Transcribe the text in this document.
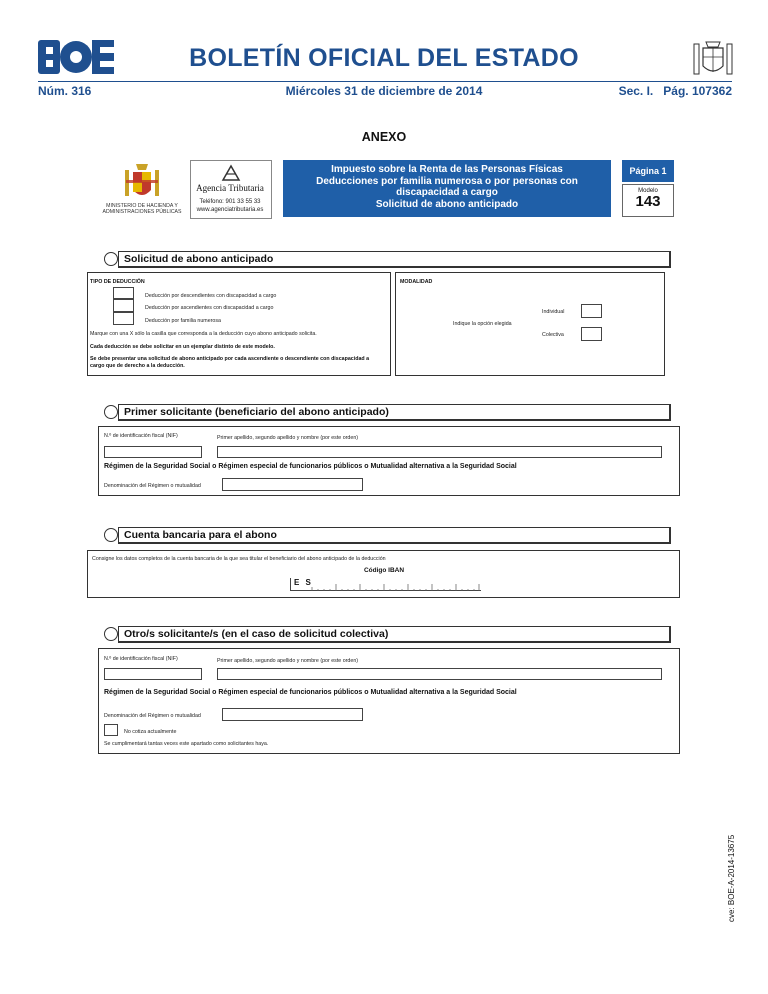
BOLETÍN OFICIAL DEL ESTADO
Núm. 316	Miércoles 31 de diciembre de 2014	Sec. I.   Pág. 107362
ANEXO
MINISTERIO DE HACIENDA Y ADMINISTRACIONES PÚBLICAS
Agencia Tributaria
Teléfono: 901 33 55 33
www.agenciatributaria.es
Impuesto sobre la Renta de las Personas Físicas
Deducciones por familia numerosa o por personas con
discapacidad a cargo
Solicitud de abono anticipado
Página 1
Modelo
143
Solicitud de abono anticipado
TIPO DE DEDUCCIÓN
Deducción por descendientes con discapacidad a cargo
Deducción por ascendientes con discapacidad a cargo
Deducción por familia numerosa
Marque con una X sólo la casilla que corresponda a la deducción cuyo abono anticipado solicita.
Cada deducción se debe solicitar en un ejemplar distinto de este modelo.
Se debe presentar una solicitud de abono anticipado por cada ascendiente o descendiente con discapacidad a cargo que de derecho a la deducción.
MODALIDAD
Individual
Indique la opción elegida
Colectiva
Primer solicitante (beneficiario del abono anticipado)
N.º de identificación fiscal (NIF)	Primer apellido, segundo apellido y nombre (por este orden)
Régimen de la Seguridad Social o Régimen especial de funcionarios públicos o Mutualidad alternativa a la Seguridad Social
Denominación del Régimen o mutualidad
Cuenta bancaria para el abono
Consigne los datos completos de la cuenta bancaria de la que sea titular el beneficiario del abono anticipado de la deducción
Código IBAN
E S
Otro/s solicitante/s (en el caso de solicitud colectiva)
N.º de identificación fiscal (NIF)	Primer apellido, segundo apellido y nombre (por este orden)
Régimen de la Seguridad Social o Régimen especial de funcionarios públicos o Mutualidad alternativa a la Seguridad Social
Denominación del Régimen o mutualidad
No cotiza actualmente
Se cumplimentará tantas veces este apartado como solicitantes haya.
cve: BOE-A-2014-13675
